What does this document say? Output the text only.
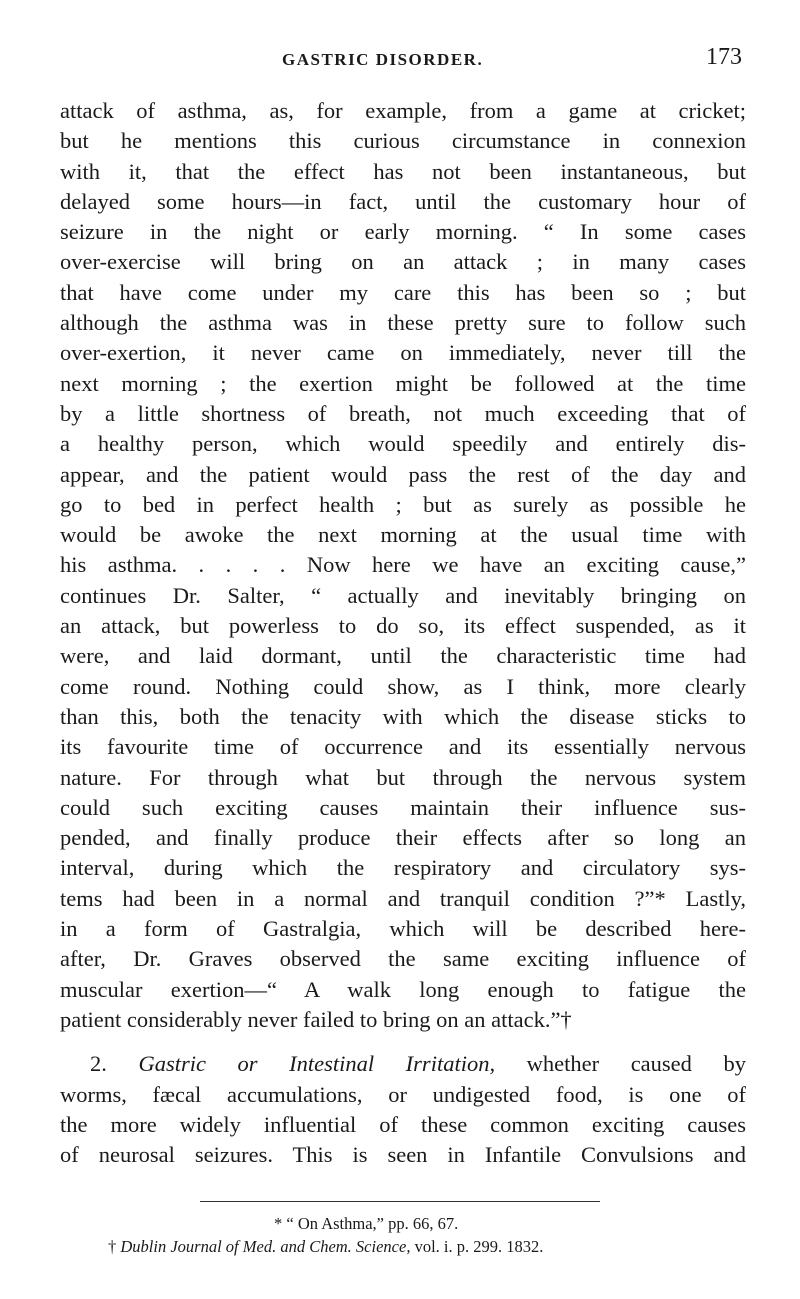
GASTRIC DISORDER.	173
attack of asthma, as, for example, from a game at cricket;
but he mentions this curious circumstance in connexion
with it, that the effect has not been instantaneous, but
delayed some hours—in fact, until the customary hour of
seizure in the night or early morning. “ In some cases
over-exercise will bring on an attack ; in many cases
that have come under my care this has been so ; but
although the asthma was in these pretty sure to follow such
over-exertion, it never came on immediately, never till the
next morning ; the exertion might be followed at the time
by a little shortness of breath, not much exceeding that of
a healthy person, which would speedily and entirely dis-
appear, and the patient would pass the rest of the day and
go to bed in perfect health ; but as surely as possible he
would be awoke the next morning at the usual time with
his asthma. . . . . Now here we have an exciting cause,”
continues Dr. Salter, “ actually and inevitably bringing on
an attack, but powerless to do so, its effect suspended, as it
were, and laid dormant, until the characteristic time had
come round. Nothing could show, as I think, more clearly
than this, both the tenacity with which the disease sticks to
its favourite time of occurrence and its essentially nervous
nature. For through what but through the nervous system
could such exciting causes maintain their influence sus-
pended, and finally produce their effects after so long an
interval, during which the respiratory and circulatory sys-
tems had been in a normal and tranquil condition ?”* Lastly,
in a form of Gastralgia, which will be described here-
after, Dr. Graves observed the same exciting influence of
muscular exertion—“ A walk long enough to fatigue the
patient considerably never failed to bring on an attack.”†
2. Gastric or Intestinal Irritation, whether caused by
worms, fæcal accumulations, or undigested food, is one of
the more widely influential of these common exciting causes
of neurosal seizures. This is seen in Infantile Convulsions and
* “ On Asthma,” pp. 66, 67.
† Dublin Journal of Med. and Chem. Science, vol. i. p. 299. 1832.
